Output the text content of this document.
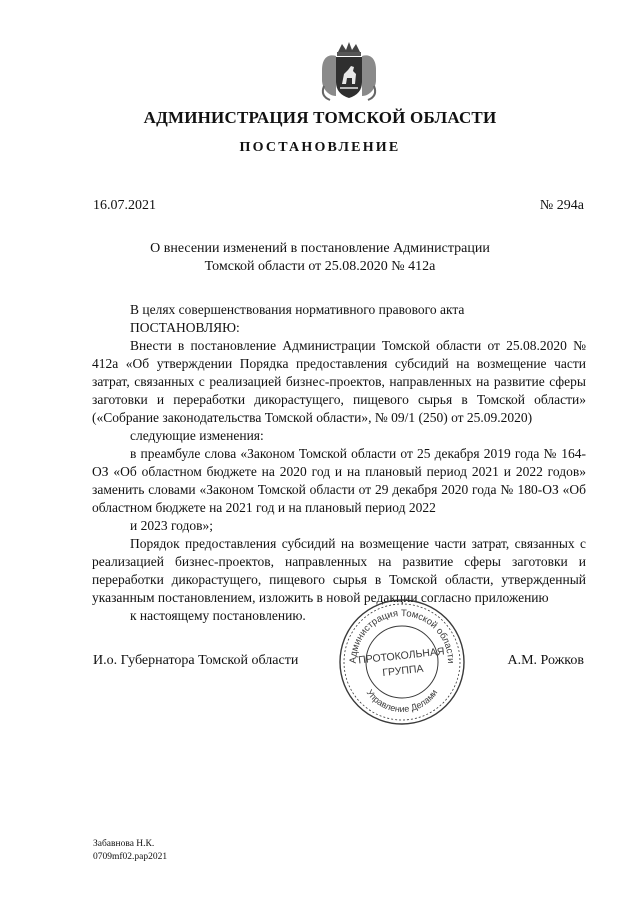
АДМИНИСТРАЦИЯ ТОМСКОЙ ОБЛАСТИ
ПОСТАНОВЛЕНИЕ
16.07.2021	№ 294а
О внесении изменений в постановление Администрации
Томской области от 25.08.2020 № 412а

В целях совершенствования нормативного правового акта

ПОСТАНОВЛЯЮ:

Внести в постановление Администрации Томской области от 25.08.2020 № 412а «Об утверждении Порядка предоставления субсидий на возмещение части затрат, связанных с реализацией бизнес-проектов, направленных на развитие сферы заготовки и переработки дикорастущего, пищевого сырья в Томской области» («Собрание законодательства Томской области», № 09/1 (250) от 25.09.2020)
следующие изменения:

в преамбуле слова «Законом Томской области от 25 декабря 2019 года № 164-ОЗ «Об областном бюджете на 2020 год и на плановый период 2021 и 2022 годов» заменить словами «Законом Томской области от 29 декабря 2020 года № 180-ОЗ «Об областном бюджете на 2021 год и на плановый период 2022
и 2023 годов»;

Порядок предоставления субсидий на возмещение части затрат, связанных с реализацией бизнес-проектов, направленных на развитие сферы заготовки и переработки дикорастущего, пищевого сырья в Томской области, утвержденный указанным постановлением, изложить в новой редакции согласно приложению
к настоящему постановлению.

И.о. Губернатора Томской области	А.М. Рожков
Администрация Томской области
Управление Делами
ПРОТОКОЛЬНАЯ
ГРУППА
Забавнова Н.К.
0709mf02.pap2021
